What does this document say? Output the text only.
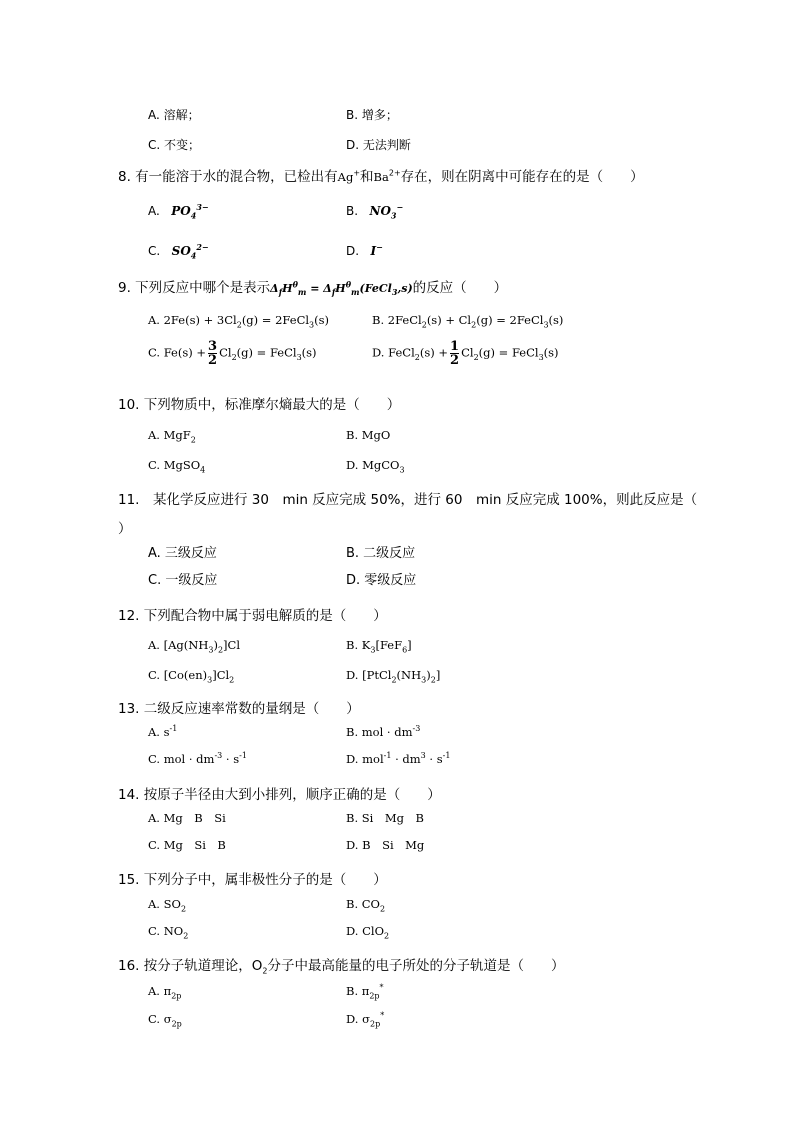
A. 溶解；	B. 增多；
C. 不变；	D. 无法判断
8. 有一能溶于水的混合物，已检出有Ag+和$Ba^{2+}$存在，则在阴离中可能存在的是（　　）
A. $PO_4^{3-}$	B. $NO_3^-$
C. $SO_4^{2-}$	D. I−
9. 下列反应中哪个是表示$\Delta_fH^\theta_m$ = $\Delta_fH^\theta_m(FeCl_3,s)$的反应（　　）
A. $2Fe(s) + 3Cl_2(g)$ = 2FeCl$_3$(s)	B. 2FeCl$_2$(s) + $Cl_2(g)$ = 2FeCl$_3$(s)
C. $Fe(s) + \frac{3}{2} Cl_2(g)$ = FeCl$_3$(s)	D. FeCl$_2$(s) + $\frac{1}{2} Cl_2(g)$ = FeCl$_3$(s)
10. 下列物质中，标准摩尔熵最大的是（　　）
A. MgF$_2$	B. MgO
C. MgSO$_4$	D. MgCO$_3$
11.　某化学反应进行 30　min 反应完成 50%，进行 60　min 反应完成 100%，则此反应是（
）
A. 三级反应	B. 二级反应
C. 一级反应	D. 零级反应
12. 下列配合物中属于弱电解质的是（　　）
A. $[Ag(NH_3)_2]Cl$	B. $K_3[FeF_6]$
C. $[Co(en)_3]Cl_2$	D. $[PtCl_2(NH_3)_2]$
13. 二级反应速率常数的量纲是（　　）
A. $s^{-1}$	B. mol · $dm^{-3}$
C. mol · $dm^{-3} \cdot s^{-1}$	D. $mol^{-1} \cdot dm^3 \cdot s^{-1}$
14. 按原子半径由大到小排列，顺序正确的是（　　）
A. Mg　B　Si	B. Si　Mg　B
C. Mg　Si　B	D. B　Si　Mg
15. 下列分子中，属非极性分子的是（　　）
A. $SO_2$	B. $CO_2$
C. $NO_2$	D. ClO$_2$
16. 按分子轨道理论，$O_2$分子中最高能量的电子所处的分子轨道是（　　）
A. $\pi_{2p}$	B. $\pi_{2p}^*$
C. $\sigma_{2p}$	D. $\sigma_{2p}^*$
